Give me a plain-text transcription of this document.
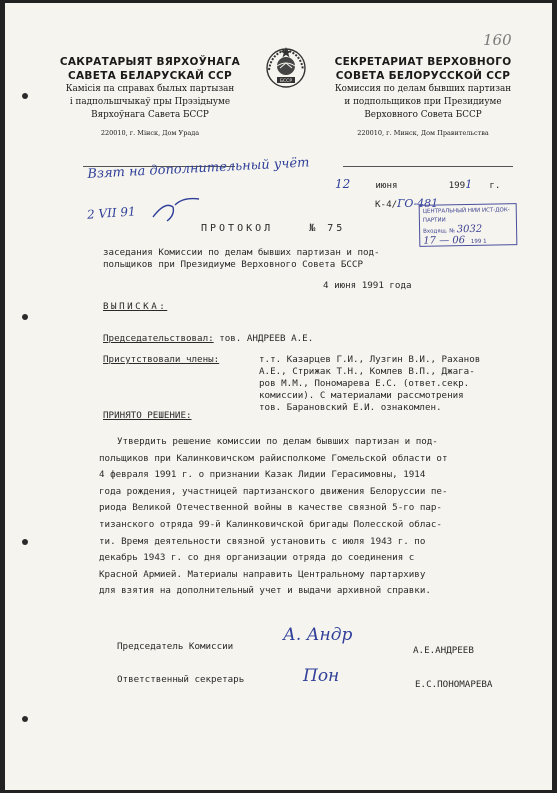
160
САКРАТАРЫЯТ ВЯРХОЎНАГА
САВЕТА БЕЛАРУСКАЙ ССР
Камісія па справах былых партызан
і падпольшчыкаў пры Прэзідыуме
Вярхоўнага Савета БССР
220010, г. Мінск, Дом Урада
БССР
СЕКРЕТАРИАТ ВЕРХОВНОГО
СОВЕТА БЕЛОРУССКОЙ ССР
Комиссия по делам бывших партизан
и подпольщиков при Президиуме
Верховного Совета БССР
220010, г. Минск, Дом Правительства
Взят на дополнительный учёт
12	июня	1991 г.
К-4/ГО-481
2 VII 91
ПРОТОКОЛ	№ 75
ЦЕНТРАЛЬНЫЙ НИИ ИСТ-ДОК-ПАРТИИ
Входящ. № 3032
17 — 06 199 1
заседания Комиссии по делам бывших партизан и под-
польщиков при Президиуме Верховного Совета БССР
4 июня 1991 года
ВЫПИСКА:
Председательствовал: тов. АНДРЕЕВ А.Е.
Присутствовали члены:	т.т. Казарцев Г.И., Лузгин В.И., Раханов
А.Е., Стрижак Т.Н., Комлев В.П., Джага-
ров М.М., Пономарева Е.С. (ответ.секр.
комиссии). С материалами рассмотрения
тов. Барановский Е.И. ознакомлен.
ПРИНЯТО РЕШЕНИЕ:
Утвердить решение комиссии по делам бывших партизан и под-
польщиков при Калинковичском райисполкоме Гомельской области от
4 февраля 1991 г. о признании Казак Лидии Герасимовны, 1914
года рождения, участницей партизанского движения Белоруссии пе-
риода Великой Отечественной войны в качестве связной 5-го пар-
тизанского отряда 99-й Калинковичской бригады Полесской облас-
ти. Время деятельности связной установить с июля 1943 г. по
декабрь 1943 г. со дня организации отряда до соединения с
Красной Армией. Материалы направить Центральному партархиву
для взятия на дополнительный учет и выдачи архивной справки.
Председатель Комиссии
А. Андр
А.Е.АНДРЕЕВ
Ответственный секретарь	Пон	Е.С.ПОНОМАРЕВА
